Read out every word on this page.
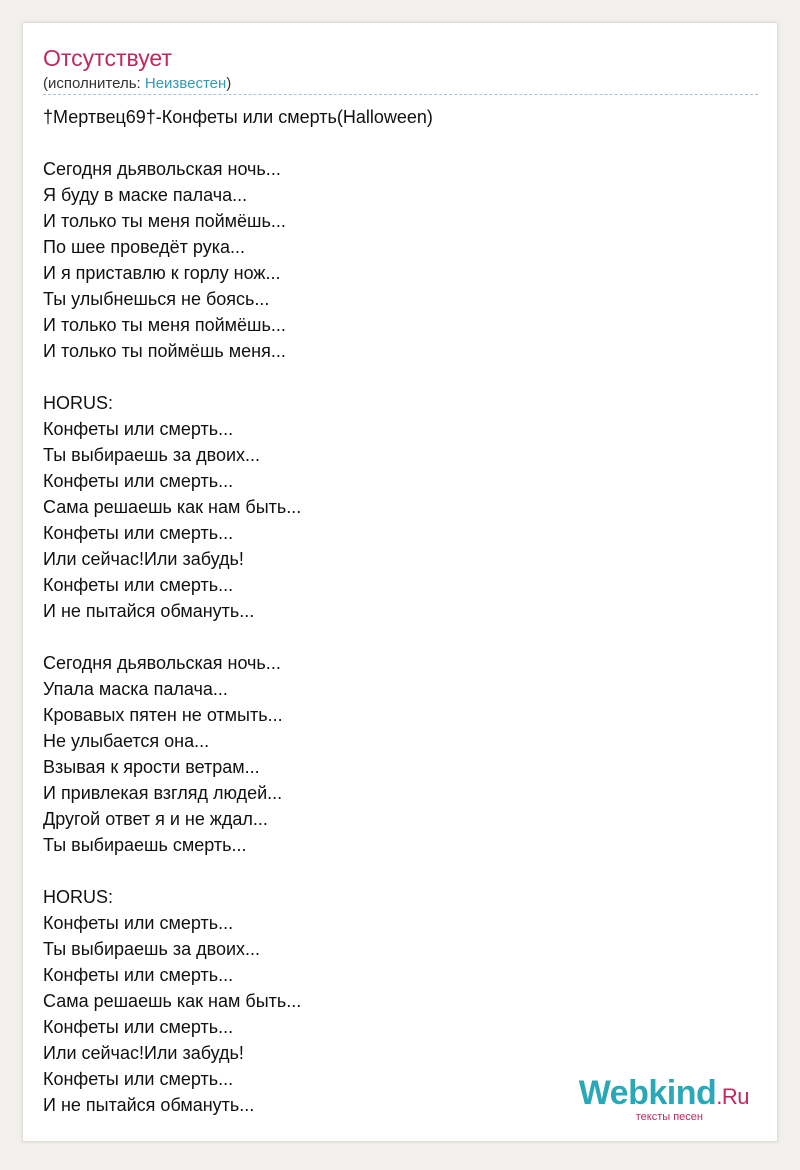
Отсутствует
(исполнитель: Неизвестен)
†Мертвец69†-Конфеты или смерть(Halloween)
Сегодня дьявольская ночь...
Я буду в маске палача...
И только ты меня поймёшь...
По шее проведёт рука...
И я приставлю к горлу нож...
Ты улыбнешься не боясь...
И только ты меня поймёшь...
И только ты поймёшь меня...
HORUS:
Конфеты или смерть...
Ты выбираешь за двоих...
Конфеты или смерть...
Сама решаешь как нам быть...
Конфеты или смерть...
Или сейчас!Или забудь!
Конфеты или смерть...
И не пытайся обмануть...
Сегодня дьявольская ночь...
Упала маска палача...
Кровавых пятен не отмыть...
Не улыбается она...
Взывая к ярости ветрам...
И привлекая взгляд людей...
Другой ответ я и не ждал...
Ты выбираешь смерть...
HORUS:
Конфеты или смерть...
Ты выбираешь за двоих...
Конфеты или смерть...
Сама решаешь как нам быть...
Конфеты или смерть...
Или сейчас!Или забудь!
Конфеты или смерть...
И не пытайся обмануть...	Webkind.Ru
тексты песен
